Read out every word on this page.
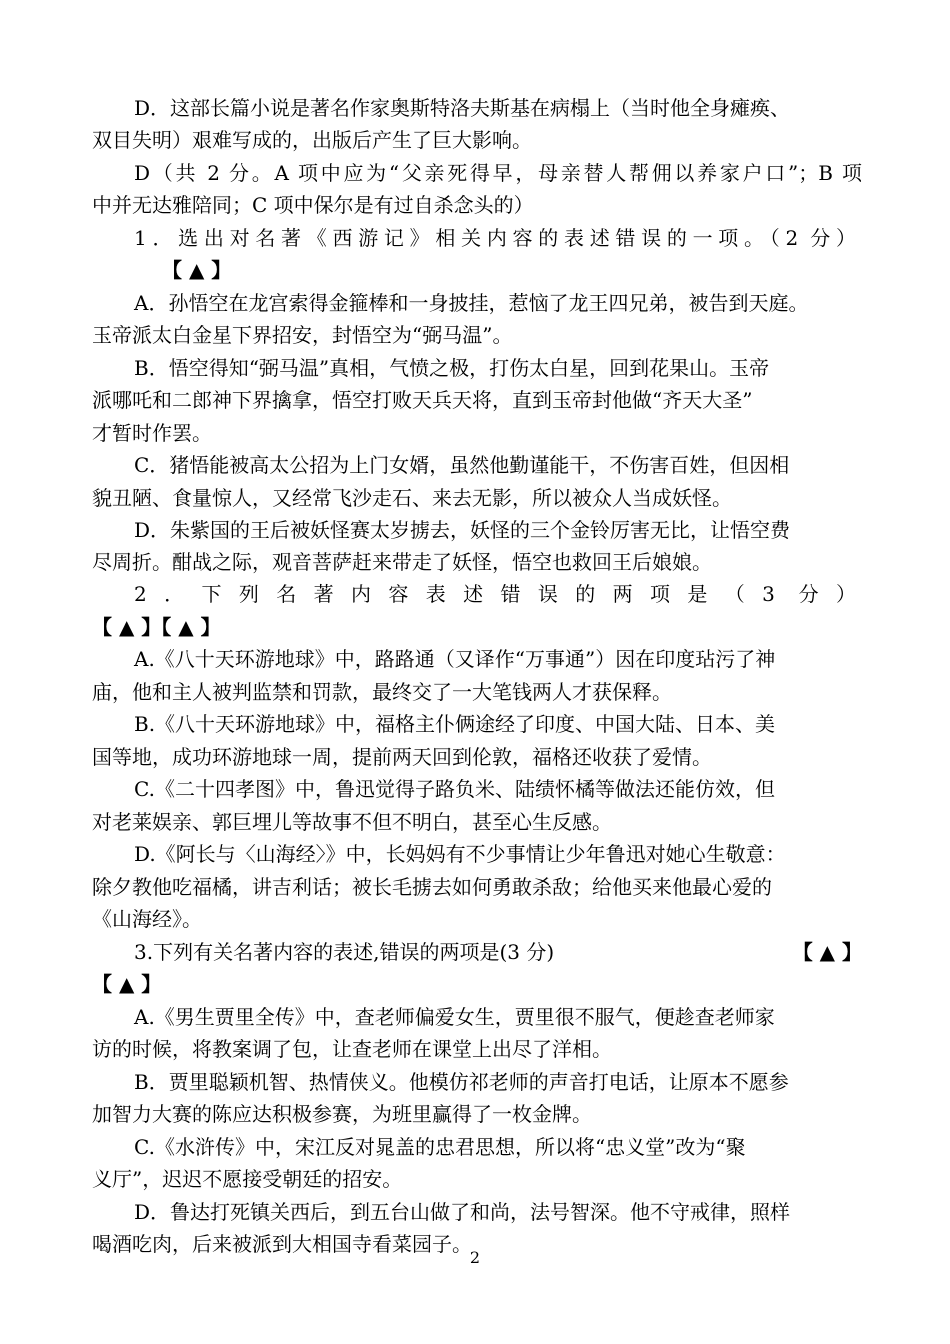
D．这部长篇小说是著名作家奥斯特洛夫斯基在病榻上（当时他全身瘫痪、
双目失明）艰难写成的，出版后产生了巨大影响。
D（共 2 分。A 项中应为“父亲死得早，母亲替人帮佣以养家户口”；B 项
中并无达雅陪同；C 项中保尔是有过自杀念头的）
1．选出对名著《西游记》相关内容的表述错误的一项。（2 分）
【 ▲ 】
A．孙悟空在龙宫索得金箍棒和一身披挂，惹恼了龙王四兄弟，被告到天庭。
玉帝派太白金星下界招安，封悟空为“弼马温”。
B．悟空得知“弼马温”真相，气愤之极，打伤太白星，回到花果山。玉帝
派哪吒和二郎神下界擒拿，悟空打败天兵天将，直到玉帝封他做“齐天大圣”
才暂时作罢。
C．猪悟能被高太公招为上门女婿，虽然他勤谨能干，不伤害百姓，但因相
貌丑陋、食量惊人，又经常飞沙走石、来去无影，所以被众人当成妖怪。
D．朱紫国的王后被妖怪赛太岁掳去，妖怪的三个金铃厉害无比，让悟空费
尽周折。酣战之际，观音菩萨赶来带走了妖怪，悟空也救回王后娘娘。
2．下列名著内容表述错误的两项是（3 分）
【 ▲ 】【 ▲ 】
A.《八十天环游地球》中，路路通（又译作“万事通”）因在印度玷污了神
庙，他和主人被判监禁和罚款，最终交了一大笔钱两人才获保释。
B.《八十天环游地球》中，福格主仆俩途经了印度、中国大陆、日本、美
国等地，成功环游地球一周，提前两天回到伦敦，福格还收获了爱情。
C.《二十四孝图》中，鲁迅觉得子路负米、陆绩怀橘等做法还能仿效，但
对老莱娱亲、郭巨埋儿等故事不但不明白，甚至心生反感。
D.《阿长与〈山海经〉》中，长妈妈有不少事情让少年鲁迅对她心生敬意：
除夕教他吃福橘，讲吉利话；被长毛掳去如何勇敢杀敌；给他买来他最心爱的
《山海经》。
3.下列有关名著内容的表述,错误的两项是(3 分)	【 ▲ 】
【 ▲ 】
A.《男生贾里全传》中，查老师偏爱女生，贾里很不服气，便趁查老师家
访的时候，将教案调了包，让查老师在课堂上出尽了洋相。
B．贾里聪颖机智、热情侠义。他模仿祁老师的声音打电话，让原本不愿参
加智力大赛的陈应达积极参赛，为班里赢得了一枚金牌。
C.《水浒传》中，宋江反对晁盖的忠君思想，所以将“忠义堂”改为“聚
义厅”，迟迟不愿接受朝廷的招安。
D．鲁达打死镇关西后，到五台山做了和尚，法号智深。他不守戒律，照样
喝酒吃肉，后来被派到大相国寺看菜园子。
2
